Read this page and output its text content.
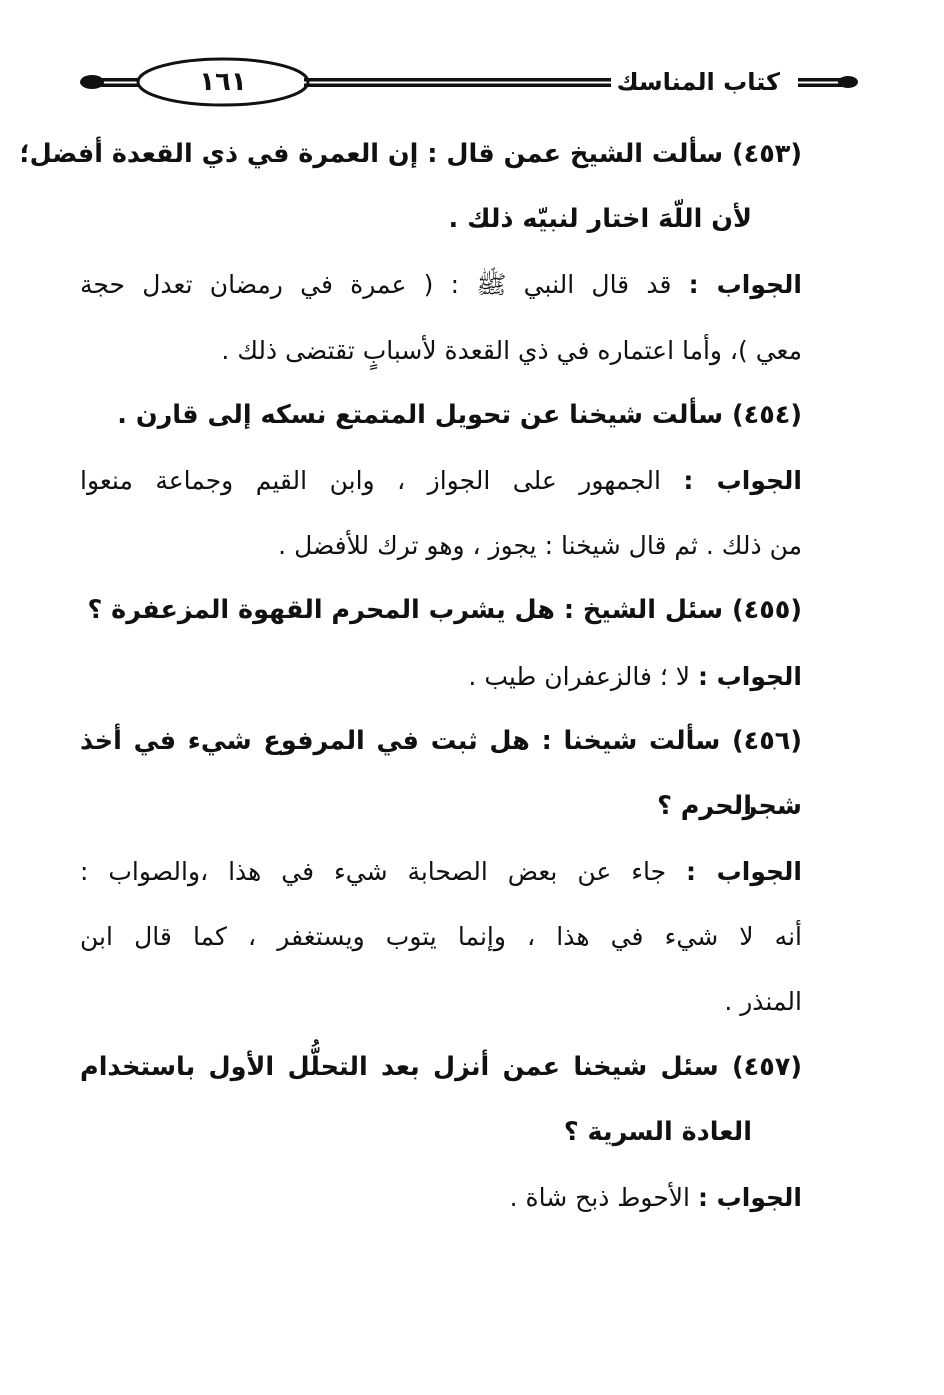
١٦١	كتاب المناسك
(٤٥٣) سألت الشيخ عمن قال : إن العمرة في ذي القعدة أفضل؛
لأن اللّهَ اختار لنبيّه ذلك .
الجواب : قد قال النبي ﷺ : ( عمرة في رمضان تعدل حجة
معي )، وأما اعتماره في ذي القعدة لأسبابٍ تقتضى ذلك .
(٤٥٤) سألت شيخنا عن تحويل المتمتع نسكه إلى قارن .
الجواب : الجمهور على الجواز ، وابن القيم وجماعة منعوا
من ذلك . ثم قال شيخنا : يجوز ، وهو ترك للأفضل .
(٤٥٥) سئل الشيخ : هل يشرب المحرم القهوة المزعفرة ؟
الجواب : لا ؛ فالزعفران طيب .
(٤٥٦) سألت شيخنا : هل ثبت في المرفوع شيء في أخذ شجر
الحرم ؟
الجواب : جاء عن بعض الصحابة شيء في هذا ،والصواب :
أنه لا شيء في هذا ، وإنما يتوب ويستغفر ، كما قال ابن
المنذر .
(٤٥٧) سئل شيخنا عمن أنزل بعد التحلُّل الأول باستخدام
العادة السرية ؟
الجواب : الأحوط ذبح شاة .
